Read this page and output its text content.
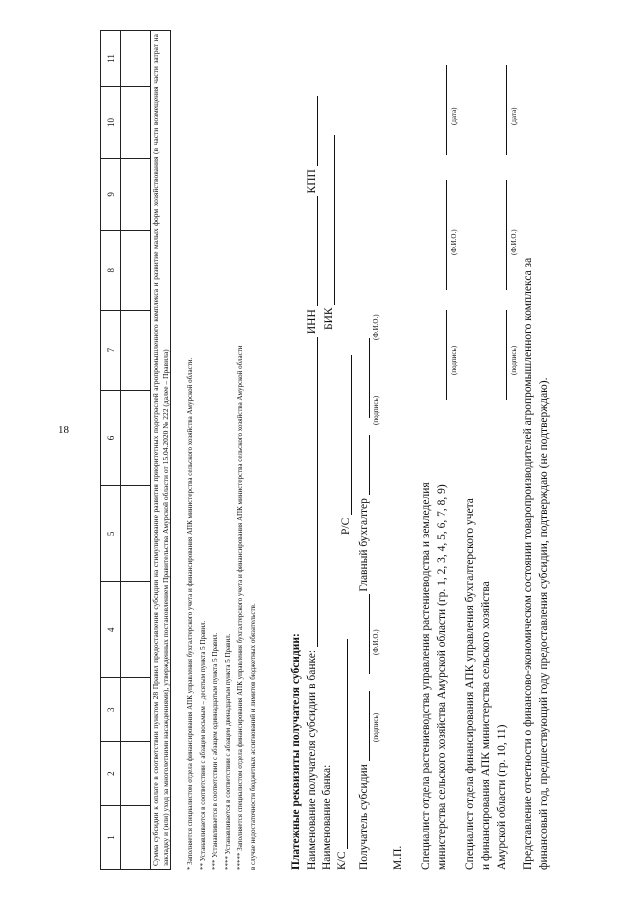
18
1	2	3	4	5	6	7	8	9	10	11

Сумма субсидии к оплате в соответствии пунктом 28 Правил предоставления субсидии на стимулирование развития приоритетных подотраслей агропромышленного комплекса и развитие малых форм хозяйствования (в части возмещения части затрат на закладку и (или) уход за многолетними насаждениями), утвержденных постановлением Правительства Амурской области от 15.04.2020 № 222 (далее – Правила)										* Заполняется специалистом отдела финансирования АПК управления бухгалтерского учета и финансирования АПК министерства сельского хозяйства Амурской области. ** Устанавливается в соответствии с абзацем восьмым – десятым пункта 5 Правил. *** Устанавливается в соответствии с абзацем одиннадцатым пункта 5 Правил. **** Устанавливается в соответствии с абзацем двенадцатым пункта 5 Правил. ***** Заполняется специалистом отдела финансирования АПК управления бухгалтерского учета и финансирования АПК министерства сельского хозяйства Амурской области в случае недостаточности бюджетных ассигнований и лимитов бюджетных обязательств.	Платежные реквизиты получателя субсидии: Наименование получателя субсидии в банке:  ИНН  КПП
Наименование банка:
БИК
К/С
Р/С
Получатель субсидии   Главный бухгалтер
(подпись)
(Ф.И.О.)
(подпись)
(Ф.И.О.)
М.П. Специалист отдела растениеводства управления растениеводства и земледелия министерства сельского хозяйства Амурской области (гр. 1, 2, 3, 4, 5, 6, 7, 8, 9)
(подпись)
(Ф.И.О.)
(дата)
Специалист отдела финансирования АПК управления бухгалтерского учета и финансирования АПК министерства сельского хозяйства Амурской области (гр. 10, 11)
(подпись)
(Ф.И.О.)
(дата)
Представление отчетности о финансово-экономическом состоянии товаропроизводителей агропромышленного комплекса за финансовый год, предшествующий году предоставления субсидии, подтверждаю (не подтверждаю).
